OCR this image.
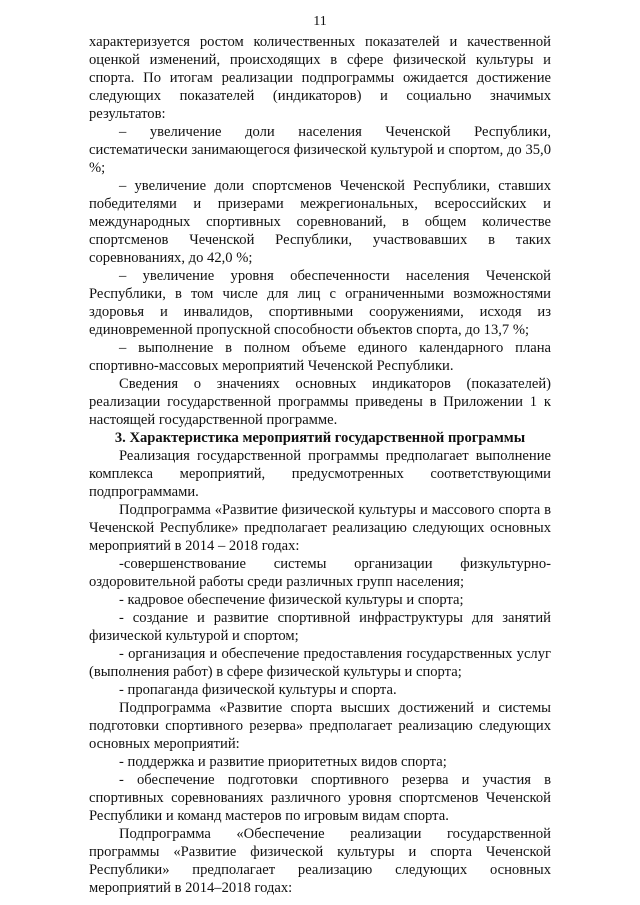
11

характеризуется ростом количественных показателей и качественной оценкой изменений, происходящих в сфере физической культуры и спорта. По итогам реализации подпрограммы ожидается достижение следующих показателей (индикаторов) и социально значимых результатов:

– увеличение доли населения Чеченской Республики, систематически занимающегося физической культурой и спортом, до 35,0 %;

– увеличение доли спортсменов Чеченской Республики, ставших победителями и призерами межрегиональных, всероссийских и международных спортивных соревнований, в общем количестве спортсменов Чеченской Республики, участвовавших в таких соревнованиях, до 42,0 %;

– увеличение уровня обеспеченности населения Чеченской Республики, в том числе для лиц с ограниченными возможностями здоровья и инвалидов, спортивными сооружениями, исходя из единовременной пропускной способности объектов спорта, до 13,7 %;

– выполнение в полном объеме единого календарного плана спортивно-массовых мероприятий Чеченской Республики.

Сведения о значениях основных индикаторов (показателей) реализации государственной программы приведены в Приложении 1 к настоящей государственной программе.

3. Характеристика мероприятий государственной программы

Реализация государственной программы предполагает выполнение комплекса мероприятий, предусмотренных соответствующими подпрограммами.

Подпрограмма «Развитие физической культуры и массового спорта в Чеченской Республике» предполагает реализацию следующих основных мероприятий в 2014 – 2018 годах:

-совершенствование системы организации физкультурно-оздоровительной работы среди различных групп населения;

- кадровое обеспечение физической культуры и спорта;

- создание и развитие спортивной инфраструктуры для занятий физической культурой и спортом;

- организация и обеспечение предоставления государственных услуг (выполнения работ) в сфере физической культуры и спорта;

- пропаганда физической культуры и спорта.

Подпрограмма «Развитие спорта высших достижений и системы подготовки спортивного резерва» предполагает реализацию следующих основных мероприятий:

- поддержка и развитие приоритетных видов спорта;

- обеспечение подготовки спортивного резерва и участия в спортивных соревнованиях различного уровня спортсменов Чеченской Республики и команд мастеров по игровым видам спорта.

Подпрограмма «Обеспечение реализации государственной программы «Развитие физической культуры и спорта Чеченской Республики» предполагает реализацию следующих основных мероприятий в 2014–2018 годах:
